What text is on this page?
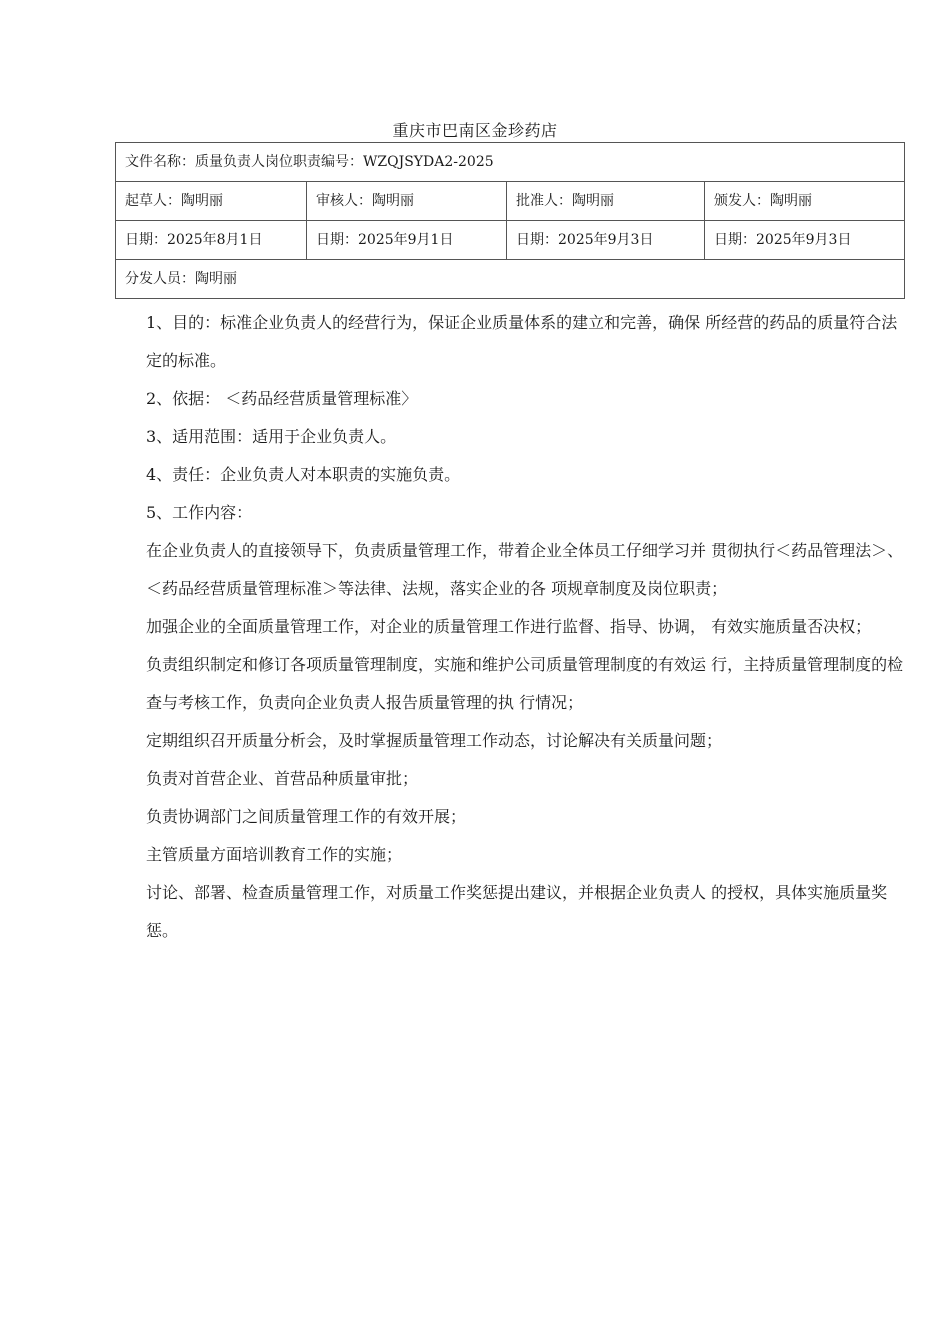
重庆市巴南区金珍药店
文件名称：质量负责人岗位职责编号：WZQJSYDA2-2025			
起草人：陶明丽	审核人：陶明丽	批准人：陶明丽	颁发人：陶明丽
日期：2025年8月1日	日期：2025年9月1日	日期：2025年9月3日	日期：2025年9月3日
分发人员：陶明丽			

1、目的：标准企业负责人的经营行为，保证企业质量体系的建立和完善，确保 所经营的药品的质量符合法定的标准。

2、依据： ＜药品经营质量管理标准〉

3、适用范围：适用于企业负责人。

4、责任：企业负责人对本职责的实施负责。

5、工作内容：

在企业负责人的直接领导下，负责质量管理工作，带着企业全体员工仔细学习并 贯彻执行＜药品管理法＞、＜药品经营质量管理标准＞等法律、法规，落实企业的各 项规章制度及岗位职责；

加强企业的全面质量管理工作，对企业的质量管理工作进行监督、指导、协调， 有效实施质量否决权；

负责组织制定和修订各项质量管理制度，实施和维护公司质量管理制度的有效运 行，主持质量管理制度的检查与考核工作，负责向企业负责人报告质量管理的执 行情况；

定期组织召开质量分析会，及时掌握质量管理工作动态，讨论解决有关质量问题；

负责对首营企业、首营品种质量审批；

负责协调部门之间质量管理工作的有效开展；

主管质量方面培训教育工作的实施；

讨论、部署、检查质量管理工作，对质量工作奖惩提出建议，并根据企业负责人 的授权，具体实施质量奖惩。
